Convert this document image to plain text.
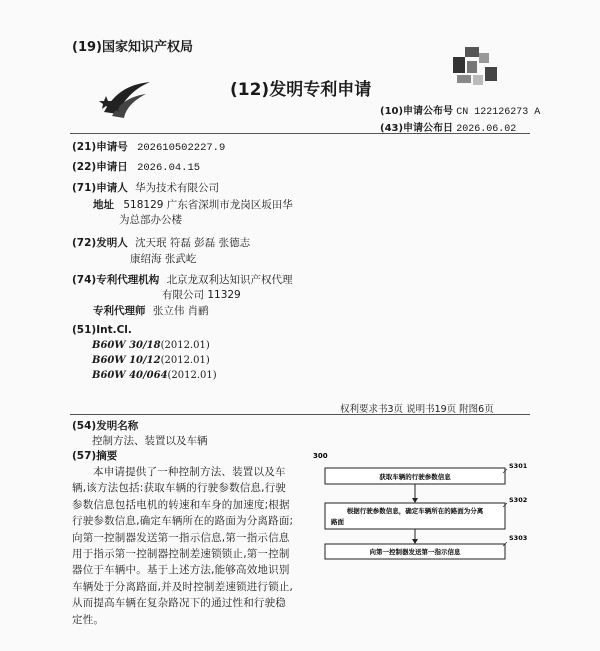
(19)国家知识产权局
(12)发明专利申请
(10)申请公布号 CN 122126273 A
(43)申请公布日 2026.06.02
(21)申请号 202610502227.9
(22)申请日 2026.04.15
(71)申请人 华为技术有限公司
地址 518129 广东省深圳市龙岗区坂田华
为总部办公楼
(72)发明人 沈天珉 符磊 彭磊 张德志
康绍海 张武屹
(74)专利代理机构 北京龙双利达知识产权代理
有限公司 11329
专利代理师 张立伟 肖鹂
(51)Int.Cl.
B60W 30/18(2012.01)
B60W 10/12(2012.01)
B60W 40/064(2012.01)
权利要求书3页 说明书19页 附图6页
(54)发明名称
控制方法、装置以及车辆
(57)摘要
本申请提供了一种控制方法、装置以及车辆,该方法包括:获取车辆的行驶参数信息,行驶参数信息包括电机的转速和车身的加速度;根据行驶参数信息,确定车辆所在的路面为分离路面;向第一控制器发送第一指示信息,第一指示信息用于指示第一控制器控制差速锁锁止,第一控制器位于车辆中。基于上述方法,能够高效地识别车辆处于分离路面,并及时控制差速锁进行锁止,从而提高车辆在复杂路况下的通过性和行驶稳定性。
300
获取车辆的行驶参数信息
S301
根据行驶参数信息，确定车辆所在的路面为分离
路面
S302
向第一控制器发送第一指示信息
S303
